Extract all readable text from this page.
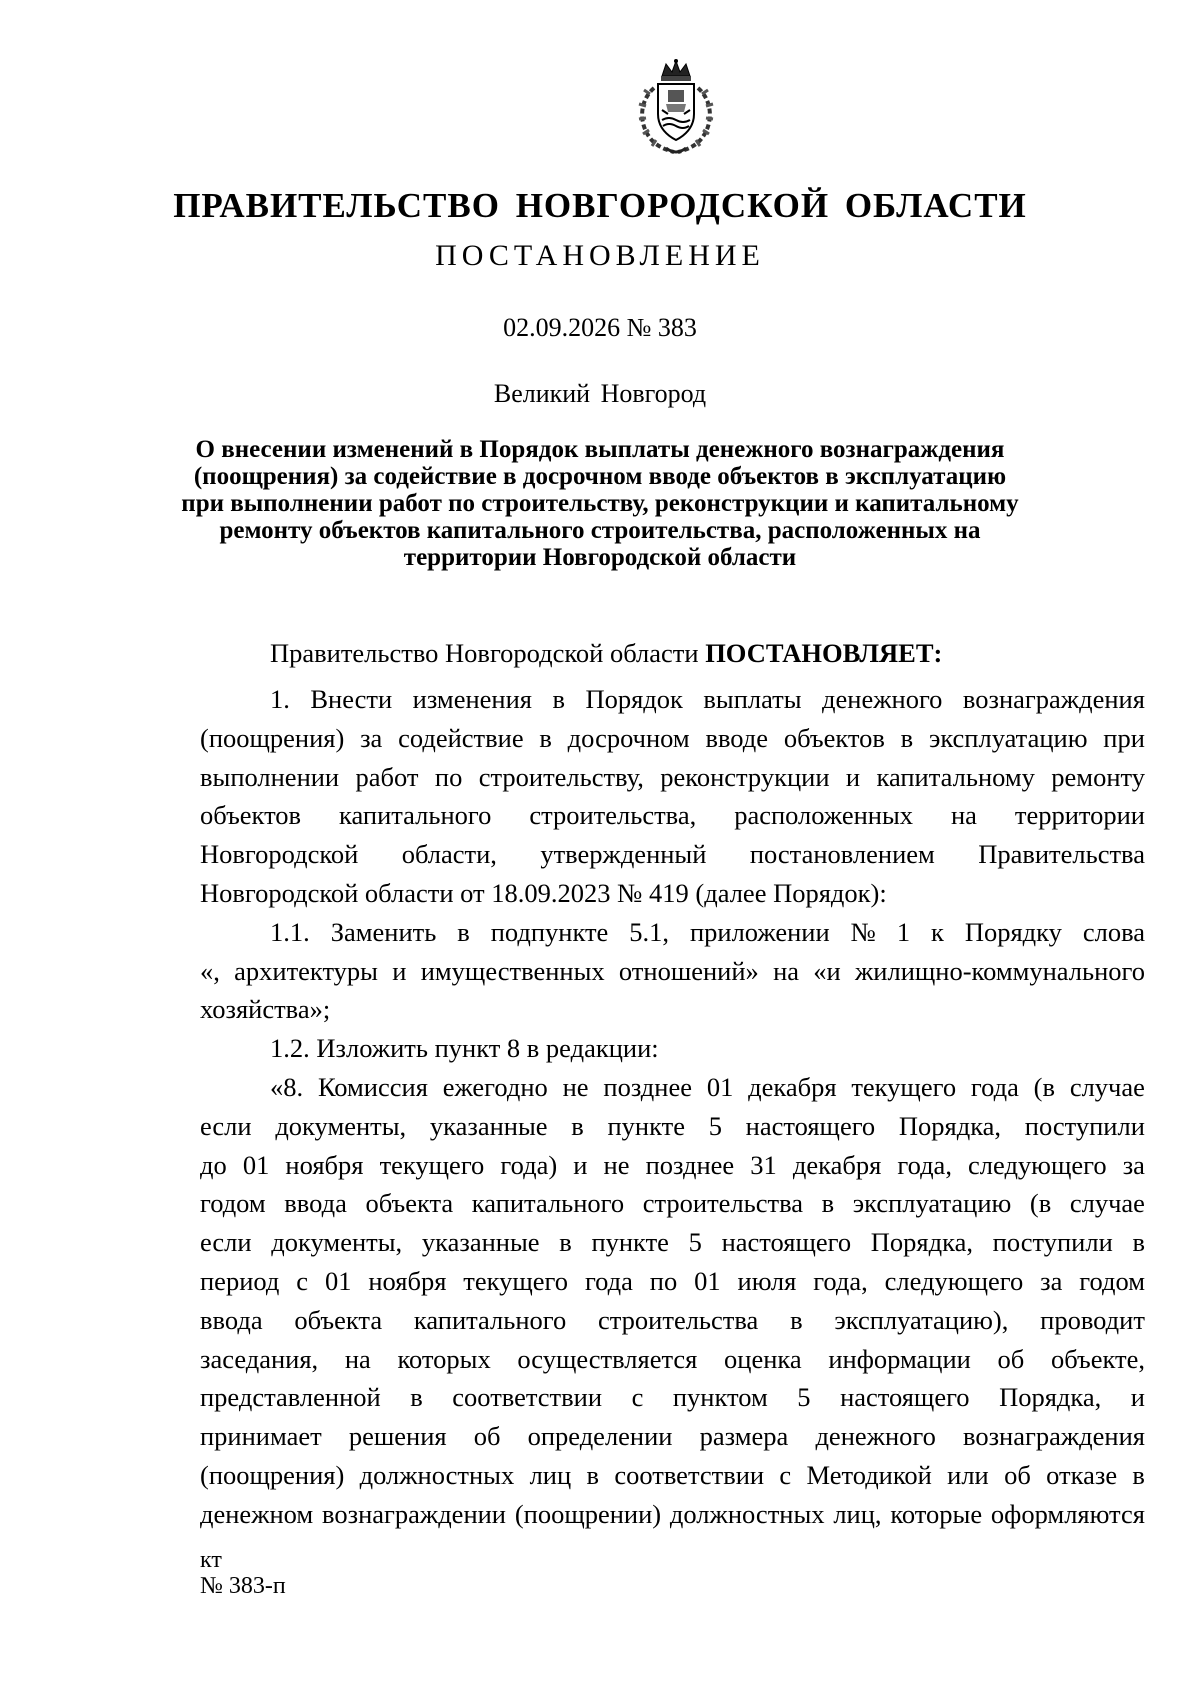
ПРАВИТЕЛЬСТВО НОВГОРОДСКОЙ ОБЛАСТИ
ПОСТАНОВЛЕНИЕ
02.09.2026 № 383
Великий Новгород
О внесении изменений в Порядок выплаты денежного вознаграждения
(поощрения) за содействие в досрочном вводе объектов в эксплуатацию
при выполнении работ по строительству, реконструкции и капитальному
ремонту объектов капитального строительства, расположенных на
территории Новгородской области
Правительство Новгородской области ПОСТАНОВЛЯЕТ:
1. Внести изменения в Порядок выплаты денежного вознаграждения
(поощрения) за содействие в досрочном вводе объектов в эксплуатацию при
выполнении работ по строительству, реконструкции и капитальному ремонту
объектов капитального строительства, расположенных на территории
Новгородской области, утвержденный постановлением Правительства
Новгородской области от 18.09.2023 № 419 (далее Порядок):
1.1. Заменить в подпункте 5.1, приложении № 1 к Порядку слова
«, архитектуры и имущественных отношений» на «и жилищно-коммунального
хозяйства»;
1.2. Изложить пункт 8 в редакции:
«8. Комиссия ежегодно не позднее 01 декабря текущего года (в случае
если документы, указанные в пункте 5 настоящего Порядка, поступили
до 01 ноября текущего года) и не позднее 31 декабря года, следующего за
годом ввода объекта капитального строительства в эксплуатацию (в случае
если документы, указанные в пункте 5 настоящего Порядка, поступили в
период с 01 ноября текущего года по 01 июля года, следующего за годом
ввода объекта капитального строительства в эксплуатацию), проводит
заседания, на которых осуществляется оценка информации об объекте,
представленной в соответствии с пунктом 5 настоящего Порядка, и
принимает решения об определении размера денежного вознаграждения
(поощрения) должностных лиц в соответствии с Методикой или об отказе в
денежном вознаграждении (поощрении) должностных лиц, которые оформляются
кт
№ 383-п
